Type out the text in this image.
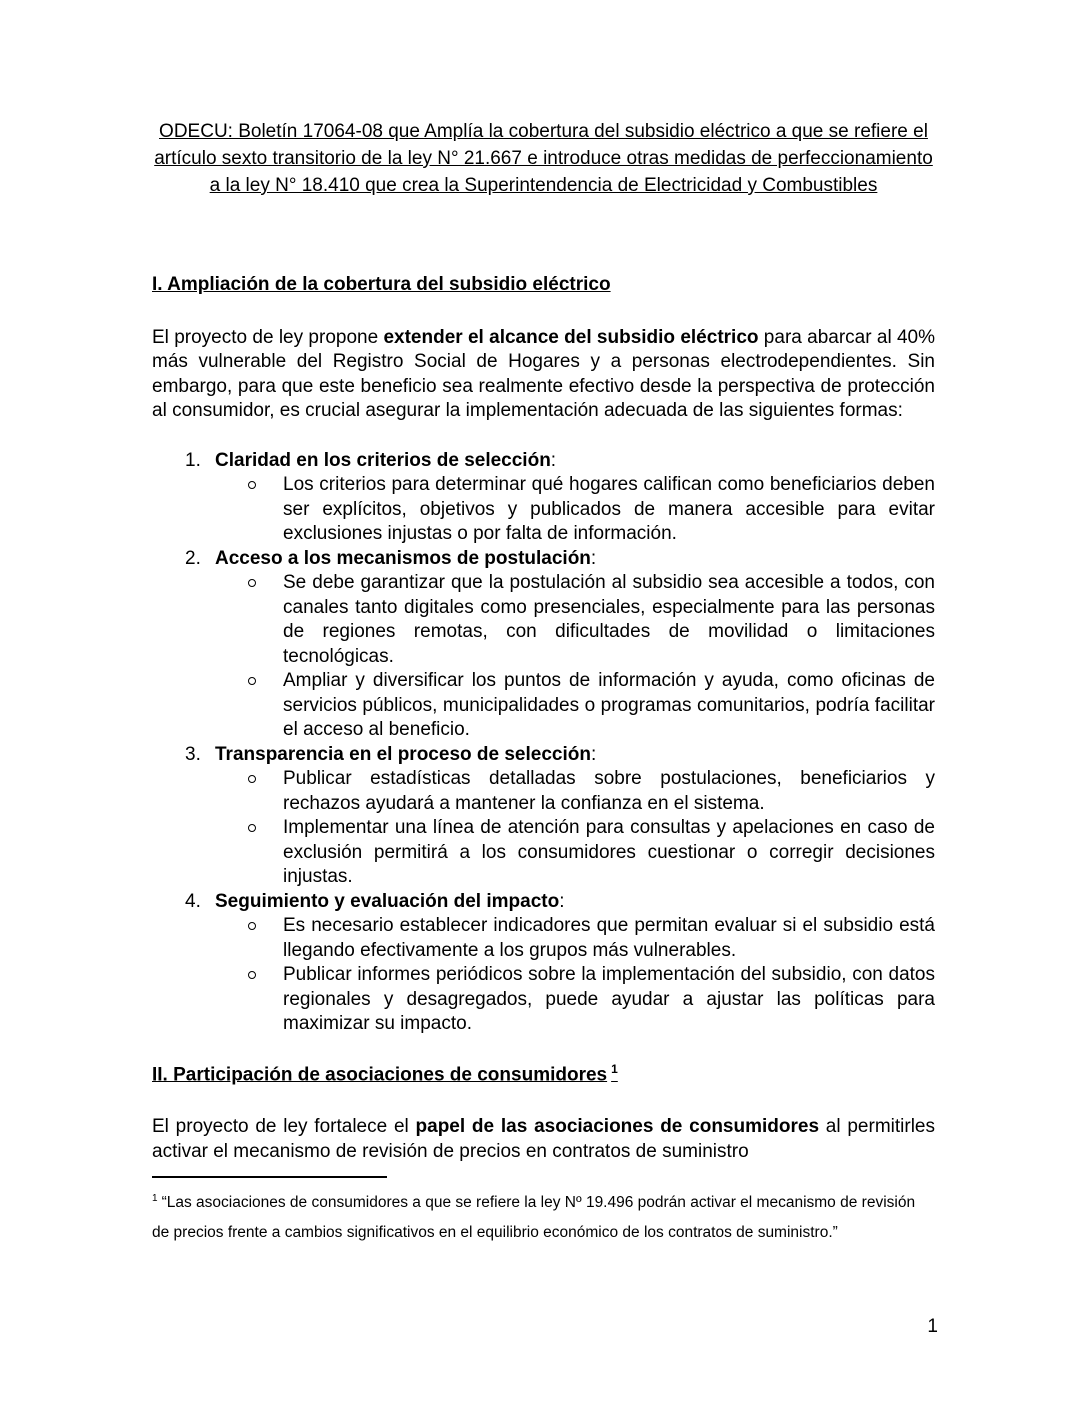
ODECU: Boletín 17064-08 que Amplía la cobertura del subsidio eléctrico a que se refiere el artículo sexto transitorio de la ley N° 21.667 e introduce otras medidas de perfeccionamiento a la ley N° 18.410 que crea la Superintendencia de Electricidad y Combustibles
I. Ampliación de la cobertura del subsidio eléctrico

El proyecto de ley propone extender el alcance del subsidio eléctrico para abarcar al 40% más vulnerable del Registro Social de Hogares y a personas electrodependientes. Sin embargo, para que este beneficio sea realmente efectivo desde la perspectiva de protección al consumidor, es crucial asegurar la implementación adecuada de las siguientes formas:

1. Claridad en los criterios de selección:
Los criterios para determinar qué hogares califican como beneficiarios deben ser explícitos, objetivos y publicados de manera accesible para evitar exclusiones injustas o por falta de información.
2. Acceso a los mecanismos de postulación:
Se debe garantizar que la postulación al subsidio sea accesible a todos, con canales tanto digitales como presenciales, especialmente para las personas de regiones remotas, con dificultades de movilidad o limitaciones tecnológicas.
Ampliar y diversificar los puntos de información y ayuda, como oficinas de servicios públicos, municipalidades o programas comunitarios, podría facilitar el acceso al beneficio.
3. Transparencia en el proceso de selección:
Publicar estadísticas detalladas sobre postulaciones, beneficiarios y rechazos ayudará a mantener la confianza en el sistema.
Implementar una línea de atención para consultas y apelaciones en caso de exclusión permitirá a los consumidores cuestionar o corregir decisiones injustas.
4. Seguimiento y evaluación del impacto:
Es necesario establecer indicadores que permitan evaluar si el subsidio está llegando efectivamente a los grupos más vulnerables.
Publicar informes periódicos sobre la implementación del subsidio, con datos regionales y desagregados, puede ayudar a ajustar las políticas para maximizar su impacto.
II. Participación de asociaciones de consumidores $^1$

El proyecto de ley fortalece el papel de las asociaciones de consumidores al permitirles activar el mecanismo de revisión de precios en contratos de suministro

$^1$ “Las asociaciones de consumidores a que se refiere la ley Nº 19.496 podrán activar el mecanismo de revisión de precios frente a cambios significativos en el equilibrio económico de los contratos de suministro.”
1
